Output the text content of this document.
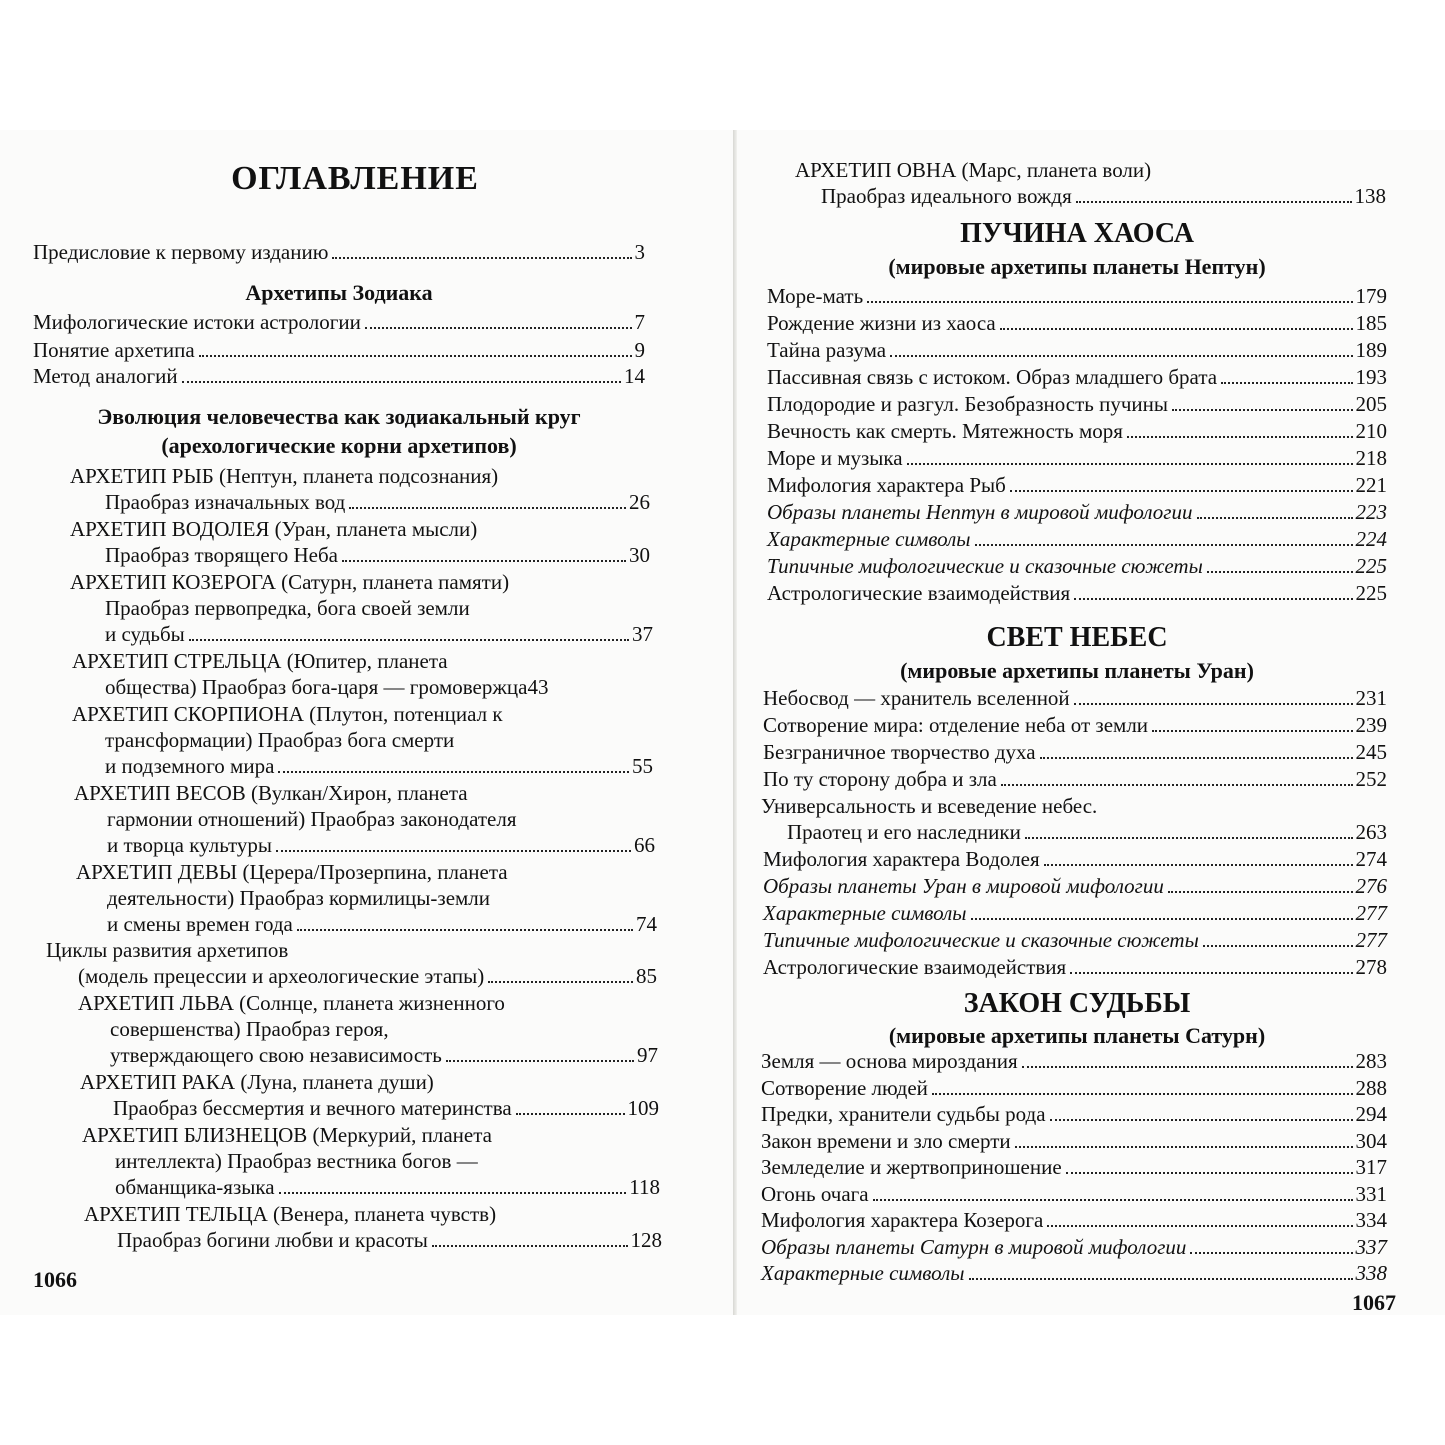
ОГЛАВЛЕНИЕ
Предисловие к первому изданию	3
Архетипы Зодиака
Мифологические истоки астрологии	7
Понятие архетипа	9
Метод аналогий	14
Эволюция человечества как зодиакальный круг
(арехологические корни архетипов)
АРХЕТИП РЫБ (Нептун, планета подсознания)
Праобраз изначальных вод	26
АРХЕТИП ВОДОЛЕЯ (Уран, планета мысли)
Праобраз творящего Неба	30
АРХЕТИП КОЗЕРОГА (Сатурн, планета памяти)
Праобраз первопредка, бога своей земли
и судьбы	37
АРХЕТИП СТРЕЛЬЦА (Юпитер, планета
общества) Праобраз бога-царя — громовержца 43
АРХЕТИП СКОРПИОНА (Плутон, потенциал к
трансформации) Праобраз бога смерти
и подземного мира	55
АРХЕТИП ВЕСОВ (Вулкан/Хирон, планета
гармонии отношений) Праобраз законодателя
и творца культуры	66
АРХЕТИП ДЕВЫ (Церера/Прозерпина, планета
деятельности) Праобраз кормилицы-земли
и смены времен года	74
Циклы развития архетипов
(модель прецессии и археологические этапы)	85
АРХЕТИП ЛЬВА (Солнце, планета жизненного
совершенства) Праобраз героя,
утверждающего свою независимость	97
АРХЕТИП РАКА (Луна, планета души)
Праобраз бессмертия и вечного материнства	109
АРХЕТИП БЛИЗНЕЦОВ (Меркурий, планета
интеллекта) Праобраз вестника богов —
обманщика-языка	118
АРХЕТИП ТЕЛЬЦА (Венера, планета чувств)
Праобраз богини любви и красоты	128
1066
АРХЕТИП ОВНА (Марс, планета воли)
Праобраз идеального вождя	138
ПУЧИНА ХАОСА
(мировые архетипы планеты Нептун)
Море-мать	179
Рождение жизни из хаоса	185
Тайна разума	189
Пассивная связь с истоком. Образ младшего брата	193
Плодородие и разгул. Безобразность пучины	205
Вечность как смерть. Мятежность моря	210
Море и музыка	218
Мифология характера Рыб	221
Образы планеты Нептун в мировой мифологии	223
Характерные символы	224
Типичные мифологические и сказочные сюжеты	225
Астрологические взаимодействия	225
СВЕТ НЕБЕС
(мировые архетипы планеты Уран)
Небосвод — хранитель вселенной	231
Сотворение мира: отделение неба от земли	239
Безграничное творчество духа	245
По ту сторону добра и зла	252
Универсальность и всеведение небес.
Праотец и его наследники	263
Мифология характера Водолея	274
Образы планеты Уран в мировой мифологии	276
Характерные символы	277
Типичные мифологические и сказочные сюжеты	277
Астрологические взаимодействия	278
ЗАКОН СУДЬБЫ
(мировые архетипы планеты Сатурн)
Земля — основа мироздания	283
Сотворение людей	288
Предки, хранители судьбы рода	294
Закон времени и зло смерти	304
Земледелие и жертвоприношение	317
Огонь очага	331
Мифология характера Козерога	334
Образы планеты Сатурн в мировой мифологии	337
Характерные символы	338
1067
